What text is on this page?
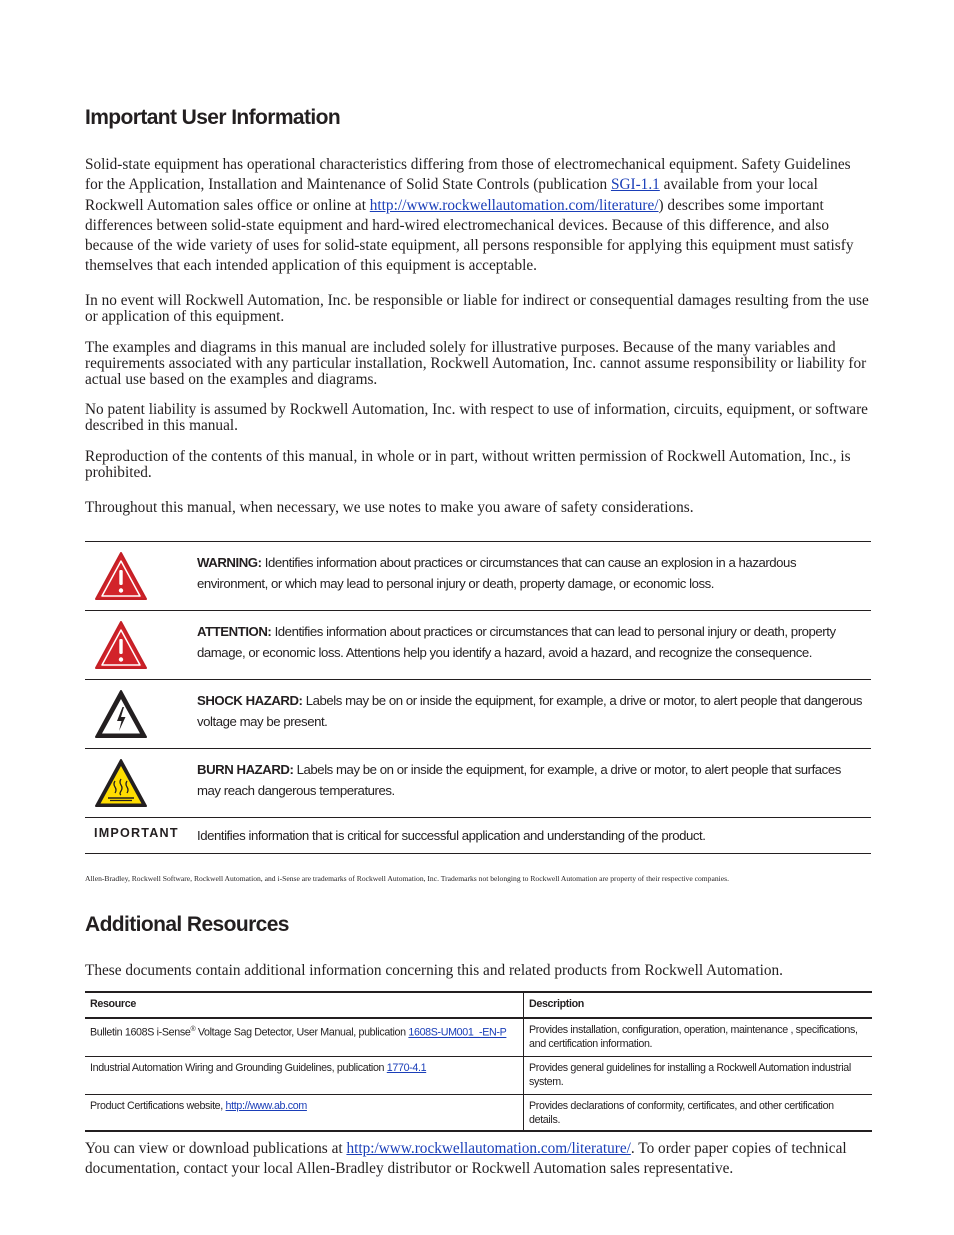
Important User Information

Solid-state equipment has operational characteristics differing from those of electromechanical equipment. Safety Guidelines for the Application, Installation and Maintenance of Solid State Controls (publication SGI-1.1 available from your local Rockwell Automation sales office or online at http://www.rockwellautomation.com/literature/) describes some important differences between solid-state equipment and hard-wired electromechanical devices. Because of this difference, and also because of the wide variety of uses for solid-state equipment, all persons responsible for applying this equipment must satisfy themselves that each intended application of this equipment is acceptable.

In no event will Rockwell Automation, Inc. be responsible or liable for indirect or consequential damages resulting from the use or application of this equipment.

The examples and diagrams in this manual are included solely for illustrative purposes. Because of the many variables and requirements associated with any particular installation, Rockwell Automation, Inc. cannot assume responsibility or liability for actual use based on the examples and diagrams.

No patent liability is assumed by Rockwell Automation, Inc. with respect to use of information, circuits, equipment, or software described in this manual.

Reproduction of the contents of this manual, in whole or in part, without written permission of Rockwell Automation, Inc., is prohibited.

Throughout this manual, when necessary, we use notes to make you aware of safety considerations.

WARNING: Identifies information about practices or circumstances that can cause an explosion in a hazardous environment, or which may lead to personal injury or death, property damage, or economic loss.
ATTENTION: Identifies information about practices or circumstances that can lead to personal injury or death, property damage, or economic loss. Attentions help you identify a hazard, avoid a hazard, and recognize the consequence.
SHOCK HAZARD: Labels may be on or inside the equipment, for example, a drive or motor, to alert people that dangerous voltage may be present.
BURN HAZARD: Labels may be on or inside the equipment, for example, a drive or motor, to alert people that surfaces may reach dangerous temperatures.
IMPORTANT Identifies information that is critical for successful application and understanding of the product.
Allen-Bradley, Rockwell Software, Rockwell Automation, and i-Sense are trademarks of Rockwell Automation, Inc. Trademarks not belonging to Rockwell Automation are property of their respective companies.
Additional Resources

These documents contain additional information concerning this and related products from Rockwell Automation.

Resource	Description
Bulletin 1608S i-Sense® Voltage Sag Detector, User Manual, publication 1608S-UM001_-EN-P	Provides installation, configuration, operation, maintenance , specifications, and certification information.
Industrial Automation Wiring and Grounding Guidelines, publication 1770-4.1	Provides general guidelines for installing a Rockwell Automation industrial system.
Product Certifications website, http://www.ab.com	Provides declarations of conformity, certificates, and other certification details.

You can view or download publications at http:/www.rockwellautomation.com/literature/. To order paper copies of technical documentation, contact your local Allen-Bradley distributor or Rockwell Automation sales representative.
